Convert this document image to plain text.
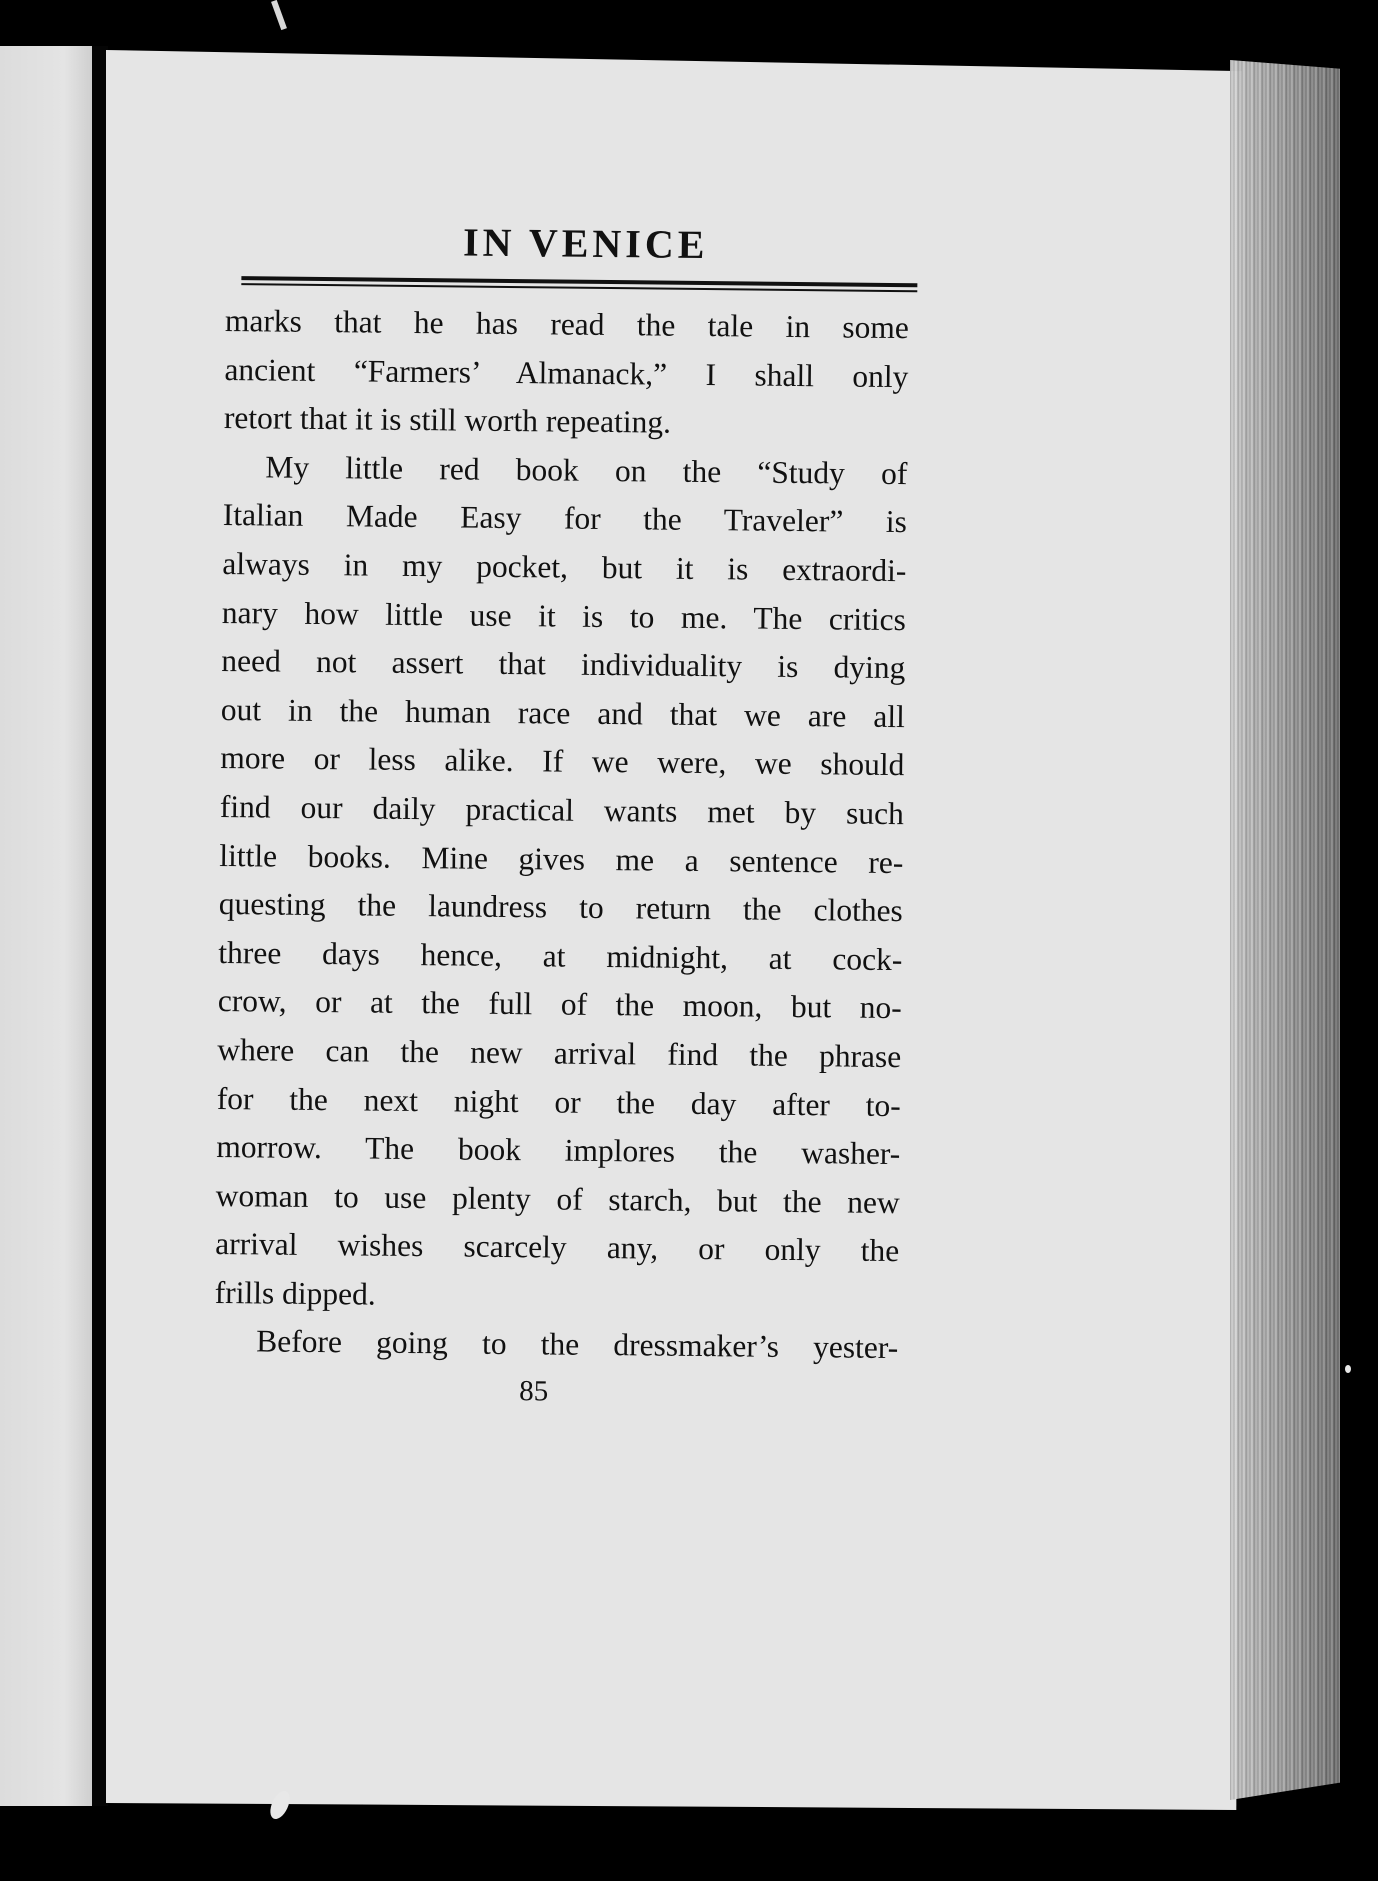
IN VENICE
marks that he has read the tale in some
ancient “Farmers’ Almanack,” I shall only
retort that it is still worth repeating.
My little red book on the “Study of
Italian Made Easy for the Traveler” is
always in my pocket, but it is extraordi-
nary how little use it is to me. The critics
need not assert that individuality is dying
out in the human race and that we are all
more or less alike. If we were, we should
find our daily practical wants met by such
little books. Mine gives me a sentence re-
questing the laundress to return the clothes
three days hence, at midnight, at cock-
crow, or at the full of the moon, but no-
where can the new arrival find the phrase
for the next night or the day after to-
morrow. The book implores the washer-
woman to use plenty of starch, but the new
arrival wishes scarcely any, or only the
frills dipped.
Before going to the dressmaker’s yester-
85
